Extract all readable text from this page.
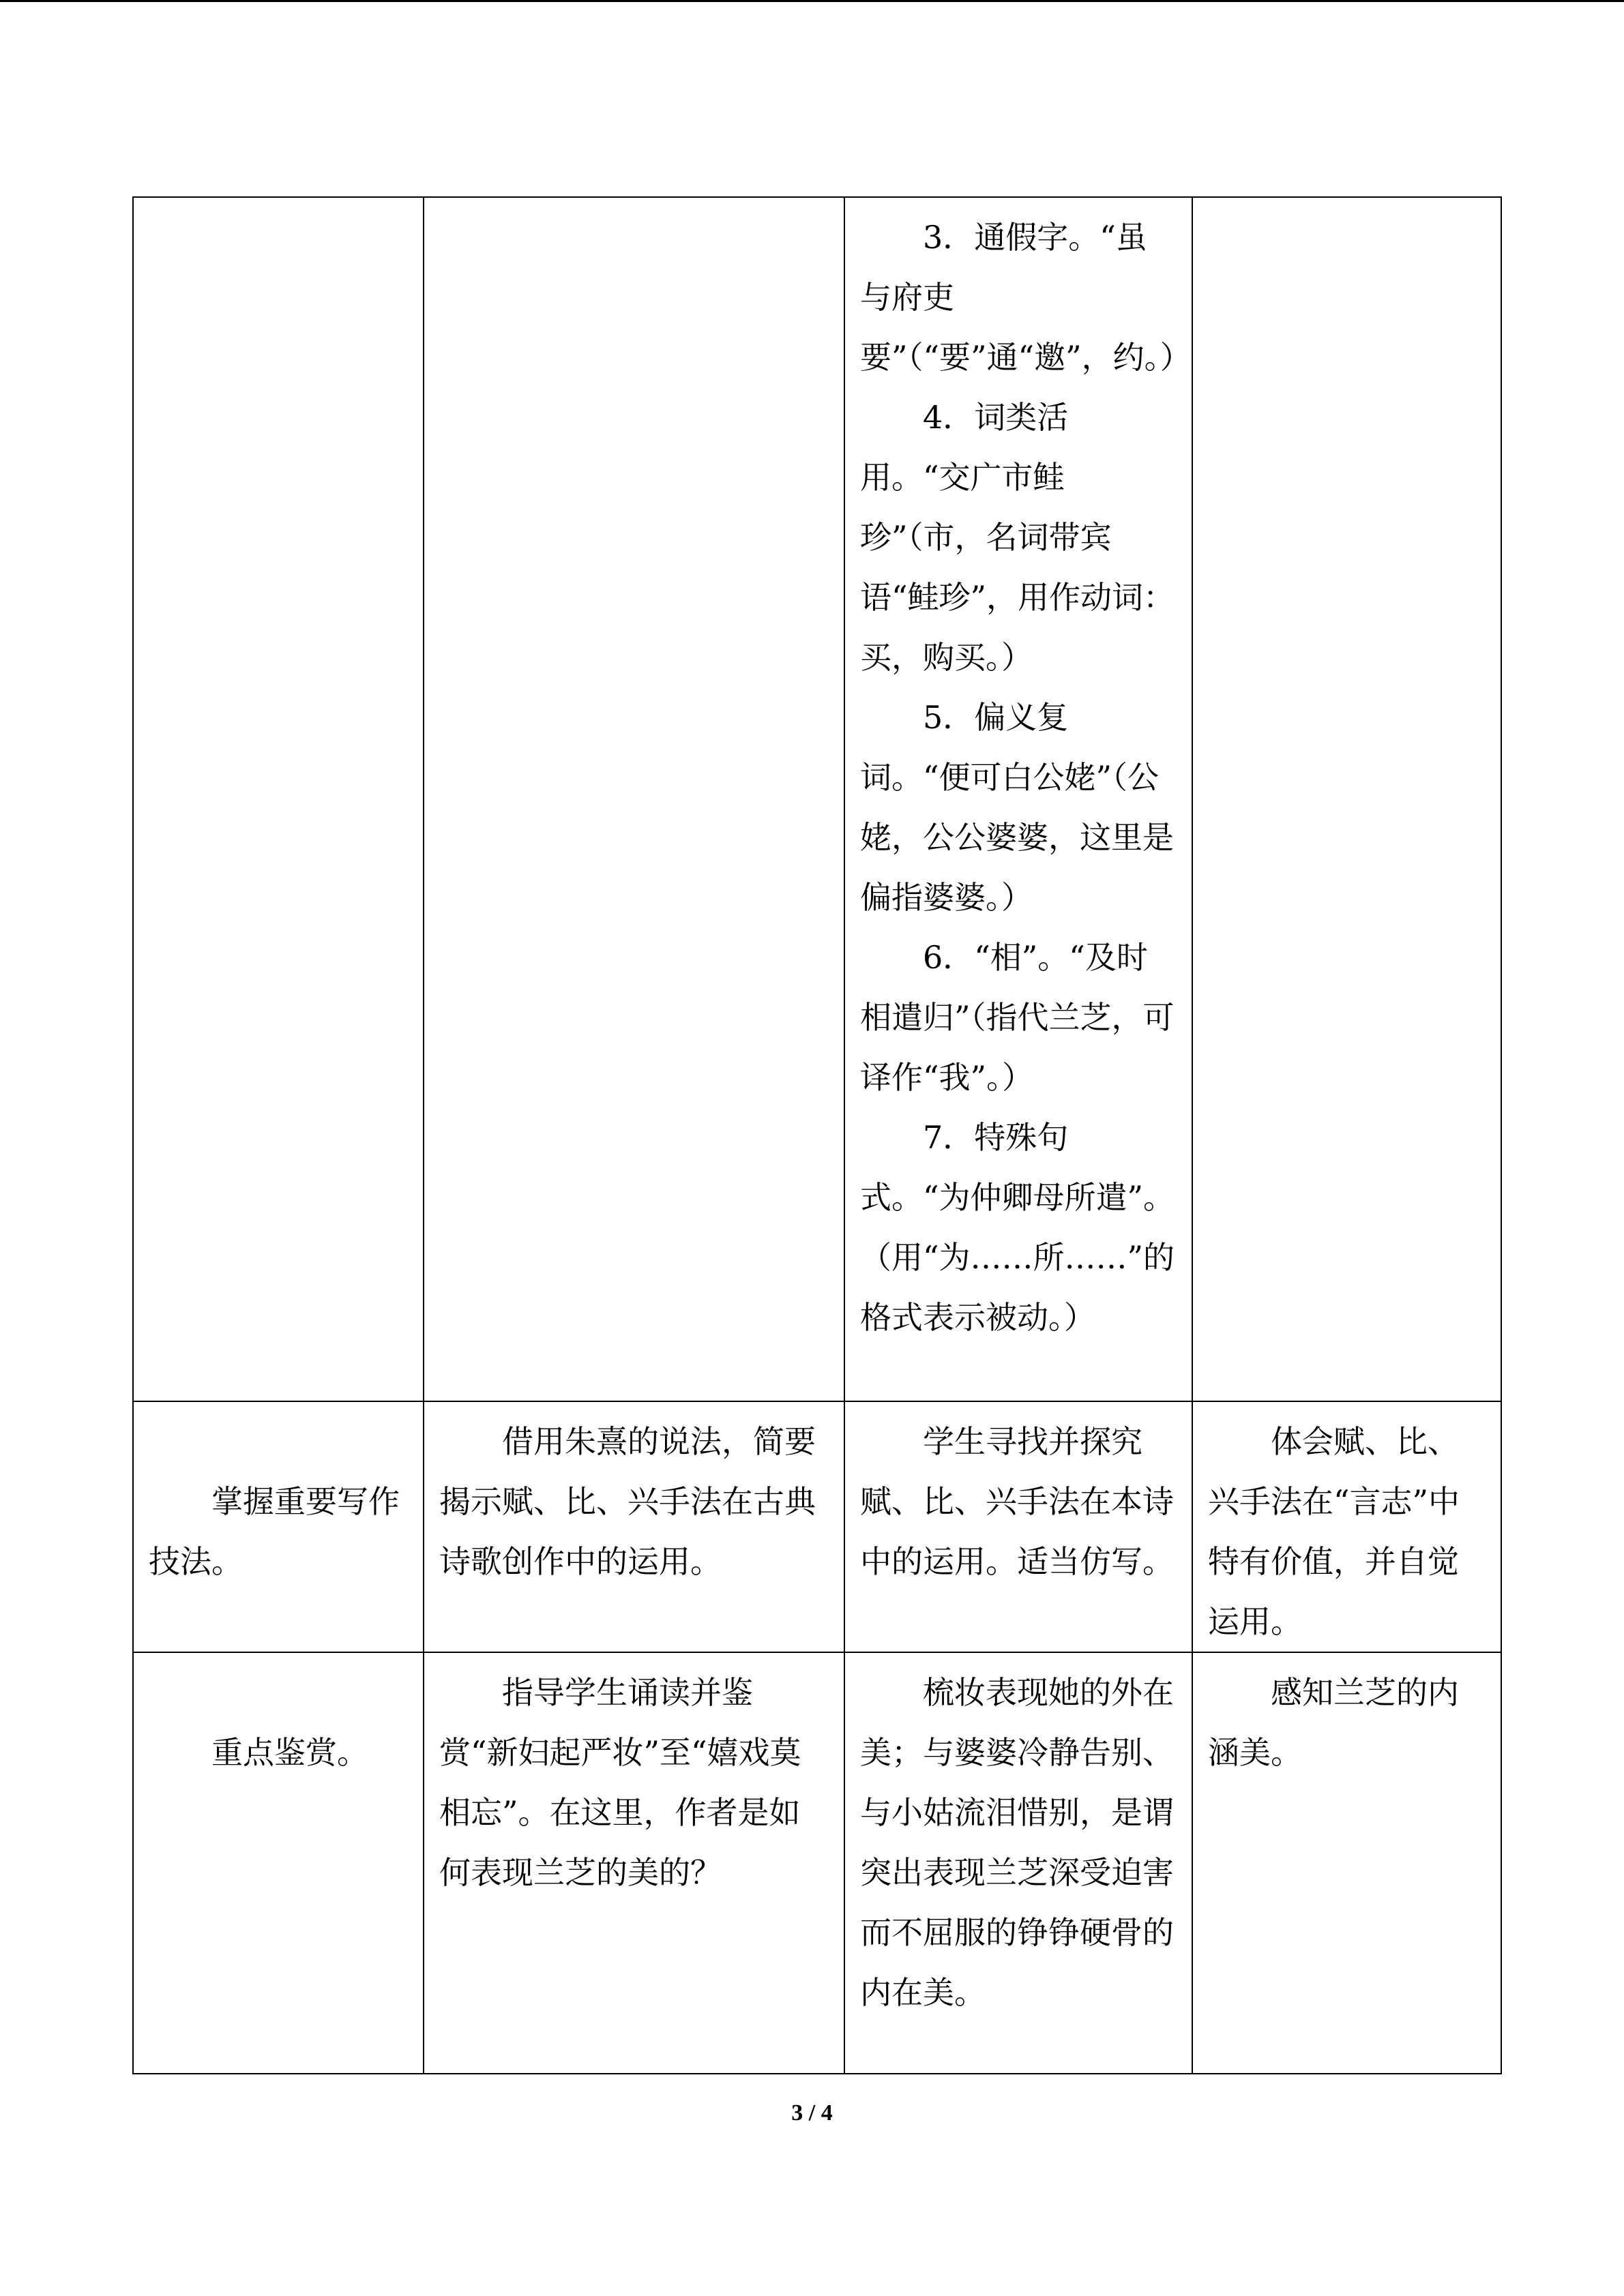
		3．通假字。“虽与府吏要”（“要”通“邀”，约。）
4．词类活用。“交广市鲑珍”（市，名词带宾语“鲑珍”，用作动词：买，购买。）
5．偏义复词。“便可白公姥”（公姥，公公婆婆，这里是偏指婆婆。）
6．“相”。“及时相遣归”（指代兰芝，可译作“我”。）
7．特殊句式。“为仲卿母所遣”。（用“为……所……”的格式表示被动。）	

掌握重要写作技法。	借用朱熹的说法，简要揭示赋、比、兴手法在古典诗歌创作中的运用。	学生寻找并探究赋、比、兴手法在本诗中的运用。适当仿写。	体会赋、比、兴手法在“言志”中特有价值，并自觉运用。

重点鉴赏。	指导学生诵读并鉴赏“新妇起严妆”至“嬉戏莫相忘”。在这里，作者是如何表现兰芝的美的？	梳妆表现她的外在美；与婆婆冷静告别、与小姑流泪惜别，是谓突出表现兰芝深受迫害而不屈服的铮铮硬骨的内在美。	感知兰芝的内涵美。
3 / 4
